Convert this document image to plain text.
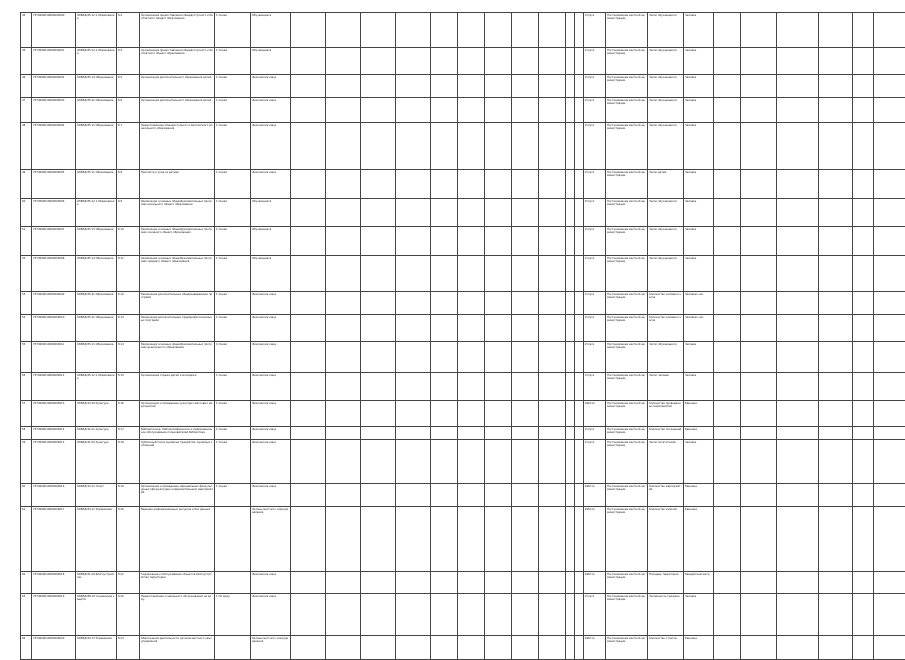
44	7570000010000000000	ОКВЭД 85.12.1 Образование	8.4	Организация предоставления общедоступного и бесплатного общего образования	1 Очная	Обучающиеся												Услуга	Постановление местной администрации	Число обучающихся	Человек							
45	7570000010000000001	ОКВЭД 85.12.1 Образование	8.4	Организация предоставления общедоступного и бесплатного общего образования	1 Очная	Обучающиеся												Услуга	Постановление местной администрации	Число обучающихся	Человек							
46	7570000010000000002	ОКВЭД 85.14 Образование	8.5	Организация дополнительного образования детей	1 Очная	Физические лица												Услуга	Постановление местной администрации	Число обучающихся	Человек							
47	7570000010000000003	ОКВЭД 85.41 Образование	8.6	Организация дополнительного образования детей	1 Очная	Физические лица												Услуга	Постановление местной администрации	Число обучающихся	Человек							
48	7570000010000000004	ОКВЭД 85.11 Образование	8.7	Предоставление общедоступного и бесплатного дошкольного образования	1 Очная	Физические лица												Услуга	Постановление местной администрации	Число обучающихся	Человек							
49	7570000010000000005	ОКВЭД 85.11 Образование	8.8	Присмотр и уход за детьми	1 Очная	Физические лица												Услуга	Постановление местной администрации	Число детей	Человек							
50	7570000010000000006	ОКВЭД 85.12.1 Образование	8.9	Реализация основных общеобразовательных программ начального общего образования	1 Очная	Обучающиеся												Услуга	Постановление местной администрации	Число обучающихся	Человек							
51	7570000010000000007	ОКВЭД 85.13 Образование	8.10	Реализация основных общеобразовательных программ основного общего образования	1 Очная	Обучающиеся												Услуга	Постановление местной администрации	Число обучающихся	Человек							
52	7570000010000000008	ОКВЭД 85.14 Образование	8.11	Реализация основных общеобразовательных программ среднего общего образования	1 Очная	Обучающиеся												Услуга	Постановление местной администрации	Число обучающихся	Человек							
53	7570000010000000009	ОКВЭД 85.41 Образование	8.12	Реализация дополнительных общеразвивающих программ	1 Очная	Физические лица												Услуга	Постановление местной администрации	Количество человеко-часов	Человеко-час							
54	7570000010000000010	ОКВЭД 85.41 Образование	8.13	Реализация дополнительных предпрофессиональных программ	1 Очная	Физические лица												Услуга	Постановление местной администрации	Количество человеко-часов	Человеко-час							
55	7570000010000000011	ОКВЭД 85.11 Образование	8.14	Реализация основных общеобразовательных программ дошкольного образования	1 Очная	Физические лица												Услуга	Постановление местной администрации	Число обучающихся	Человек							
56	7570000010000000012	ОКВЭД 85.12.1 Образование	8.15	Организация отдыха детей и молодежи	1 Очная	Физические лица												Услуга	Постановление местной администрации	Число человек	Человек							
57	7570000010000000013	ОКВЭД 93.29 Культура	8.16	Организация и проведение культурно-массовых мероприятий	1 Очная	Физические лица												Работа	Постановление местной администрации	Количество проведенных мероприятий	Единица							
58	7570000010000000014	ОКВЭД 91.01 Культура	8.17	Библиотечное, библиографическое и информационное обслуживание пользователей библиотеки	1 Очная	Физические лица												Услуга	Постановление местной администрации	Количество посещений	Единица							
59	7570000010000000015	ОКВЭД 91.02 Культура	8.18	Публичный показ музейных предметов, музейных коллекций	1 Очная	Физические лица												Услуга	Постановление местной администрации	Число посетителей	Человек							
60	7570000010000000016	ОКВЭД 93.11 Спорт	8.19	Организация и проведение официальных физкультурных (физкультурно-оздоровительных) мероприятий	1 Очная	Физические лица												Работа	Постановление местной администрации	Количество мероприятий	Единица							
61	7570000010000000017	ОКВЭД 84.11 Управление	8.20	Ведение информационных ресурсов и баз данных		Органы местного самоуправления												Работа	Постановление местной администрации	Количество записей	Единица							
62	7570000010000000018	ОКВЭД 81.29 Благоустройство	8.21	Содержание и обслуживание объектов благоустройства территории		Физические лица												Работа	Постановление местной администрации	Площадь территории	Квадратный метр							
63	7570000010000000019	ОКВЭД 88.10 Социальная защита	8.22	Предоставление социального обслуживания на дому	1 На дому	Физические лица												Услуга	Постановление местной администрации	Численность граждан	Человек							
64	7570000010000000020	ОКВЭД 84.13 Управление	8.23	Обеспечение деятельности органов местного самоуправления		Органы местного самоуправления												Работа	Постановление местной администрации	Количество отчетов	Единица							
